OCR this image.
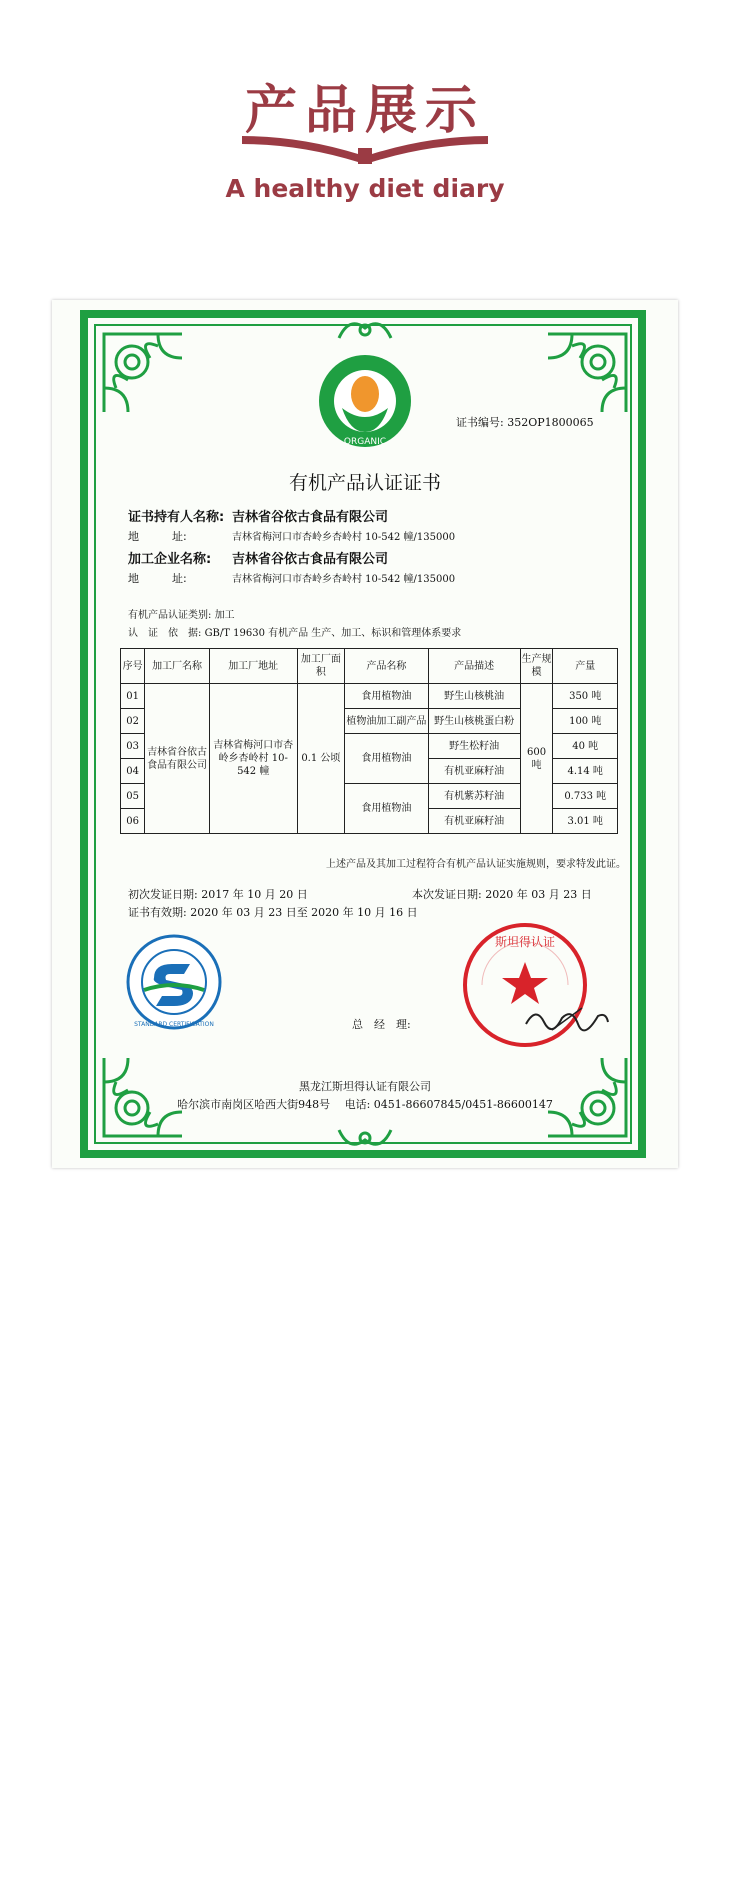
产品展示
A healthy diet diary
ORGANIC
证书编号: 352OP1800065
有机产品认证证书
证书持有人名称: 吉林省谷依古食品有限公司
地　　　址:	吉林省梅河口市杏岭乡杏岭村 10-542 幢/135000
加工企业名称: 吉林省谷依古食品有限公司
地　　　址:	吉林省梅河口市杏岭乡杏岭村 10-542 幢/135000
有机产品认证类别: 加工
认　证　依　据: GB/T 19630 有机产品 生产、加工、标识和管理体系要求
序号	加工厂名称	加工厂地址	加工厂面积	产品名称	产品描述	生产规模	产量
01	吉林省谷依古食品有限公司	吉林省梅河口市杏岭乡杏岭村 10-542 幢	0.1 公顷	食用植物油	野生山核桃油	600 吨	350 吨
02				植物油加工副产品	野生山核桃蛋白粉		100 吨
03				食用植物油	野生松籽油		40 吨
04					有机亚麻籽油		4.14 吨
05				食用植物油	有机紫苏籽油		0.733 吨
06					有机亚麻籽油		3.01 吨
上述产品及其加工过程符合有机产品认证实施规则，要求特发此证。
初次发证日期: 2017 年 10 月 20 日	本次发证日期: 2020 年 03 月 23 日
证书有效期: 2020 年 03 月 23 日至 2020 年 10 月 16 日
STANDARD CERTIFICATION
斯坦得认证
总　经　理:
黑龙江斯坦得认证有限公司
哈尔滨市南岗区哈西大街948号　 电话: 0451-86607845/0451-86600147
